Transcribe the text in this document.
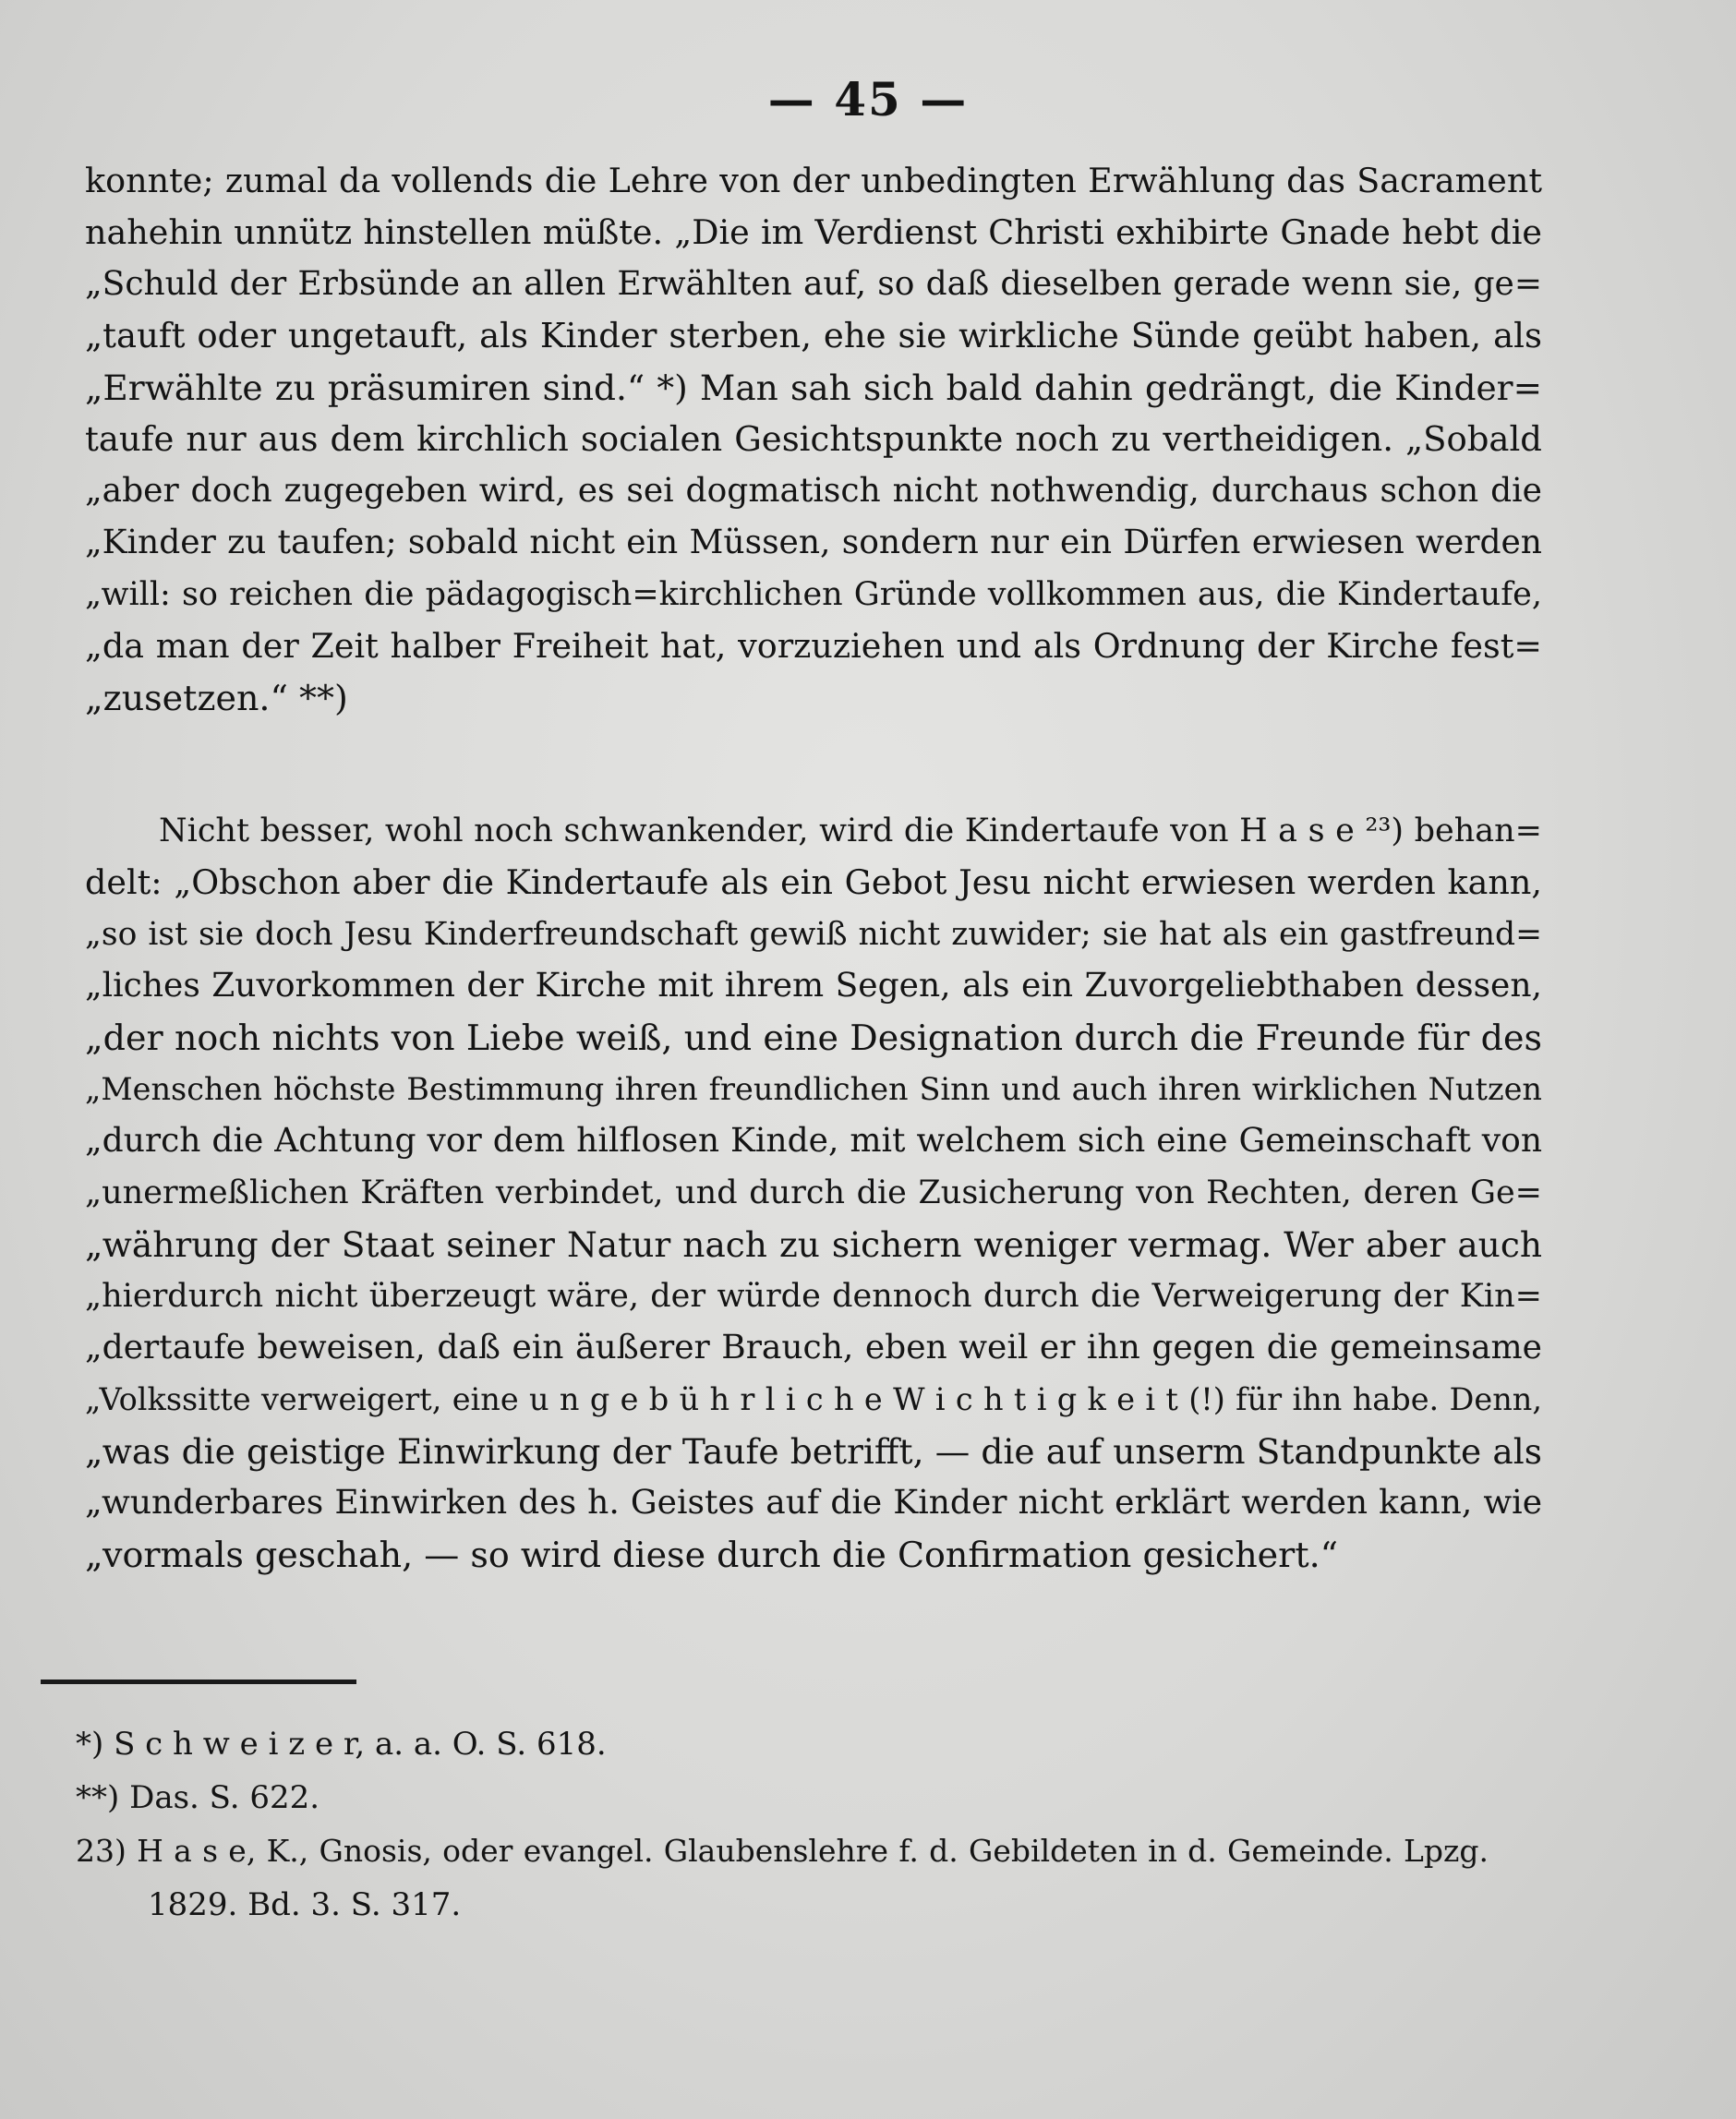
— 45 —

konnte; zumal da vollends die Lehre von der unbedingten Erwählung das Sacrament
nahehin unnütz hinstellen müßte. „Die im Verdienst Christi exhibirte Gnade hebt die
„Schuld der Erbsünde an allen Erwählten auf, so daß dieselben gerade wenn sie, ge=
„tauft oder ungetauft, als Kinder sterben, ehe sie wirkliche Sünde geübt haben, als
„Erwählte zu präsumiren sind.“ *) Man sah sich bald dahin gedrängt, die Kinder=
taufe nur aus dem kirchlich socialen Gesichtspunkte noch zu vertheidigen. „Sobald
„aber doch zugegeben wird, es sei dogmatisch nicht nothwendig, durchaus schon die
„Kinder zu taufen; sobald nicht ein Müssen, sondern nur ein Dürfen erwiesen werden
„will: so reichen die pädagogisch=kirchlichen Gründe vollkommen aus, die Kindertaufe,
„da man der Zeit halber Freiheit hat, vorzuziehen und als Ordnung der Kirche fest=
„zusetzen.“ **)
Nicht besser, wohl noch schwankender, wird die Kindertaufe von H a s e ²³) behan=
delt: „Obschon aber die Kindertaufe als ein Gebot Jesu nicht erwiesen werden kann,
„so ist sie doch Jesu Kinderfreundschaft gewiß nicht zuwider; sie hat als ein gastfreund=
„liches Zuvorkommen der Kirche mit ihrem Segen, als ein Zuvorgeliebthaben dessen,
„der noch nichts von Liebe weiß, und eine Designation durch die Freunde für des
„Menschen höchste Bestimmung ihren freundlichen Sinn und auch ihren wirklichen Nutzen
„durch die Achtung vor dem hilflosen Kinde, mit welchem sich eine Gemeinschaft von
„unermeßlichen Kräften verbindet, und durch die Zusicherung von Rechten, deren Ge=
„währung der Staat seiner Natur nach zu sichern weniger vermag. Wer aber auch
„hierdurch nicht überzeugt wäre, der würde dennoch durch die Verweigerung der Kin=
„dertaufe beweisen, daß ein äußerer Brauch, eben weil er ihn gegen die gemeinsame
„Volkssitte verweigert, eine u n g e b ü h r l i c h e W i c h t i g k e i t (!) für ihn habe. Denn,
„was die geistige Einwirkung der Taufe betrifft, — die auf unserm Standpunkte als
„wunderbares Einwirken des h. Geistes auf die Kinder nicht erklärt werden kann, wie
„vormals geschah, — so wird diese durch die Confirmation gesichert.“
*) S c h w e i z e r, a. a. O. S. 618.
**) Das. S. 622.
23) H a s e, K., Gnosis, oder evangel. Glaubenslehre f. d. Gebildeten in d. Gemeinde. Lpzg.
1829. Bd. 3. S. 317.
